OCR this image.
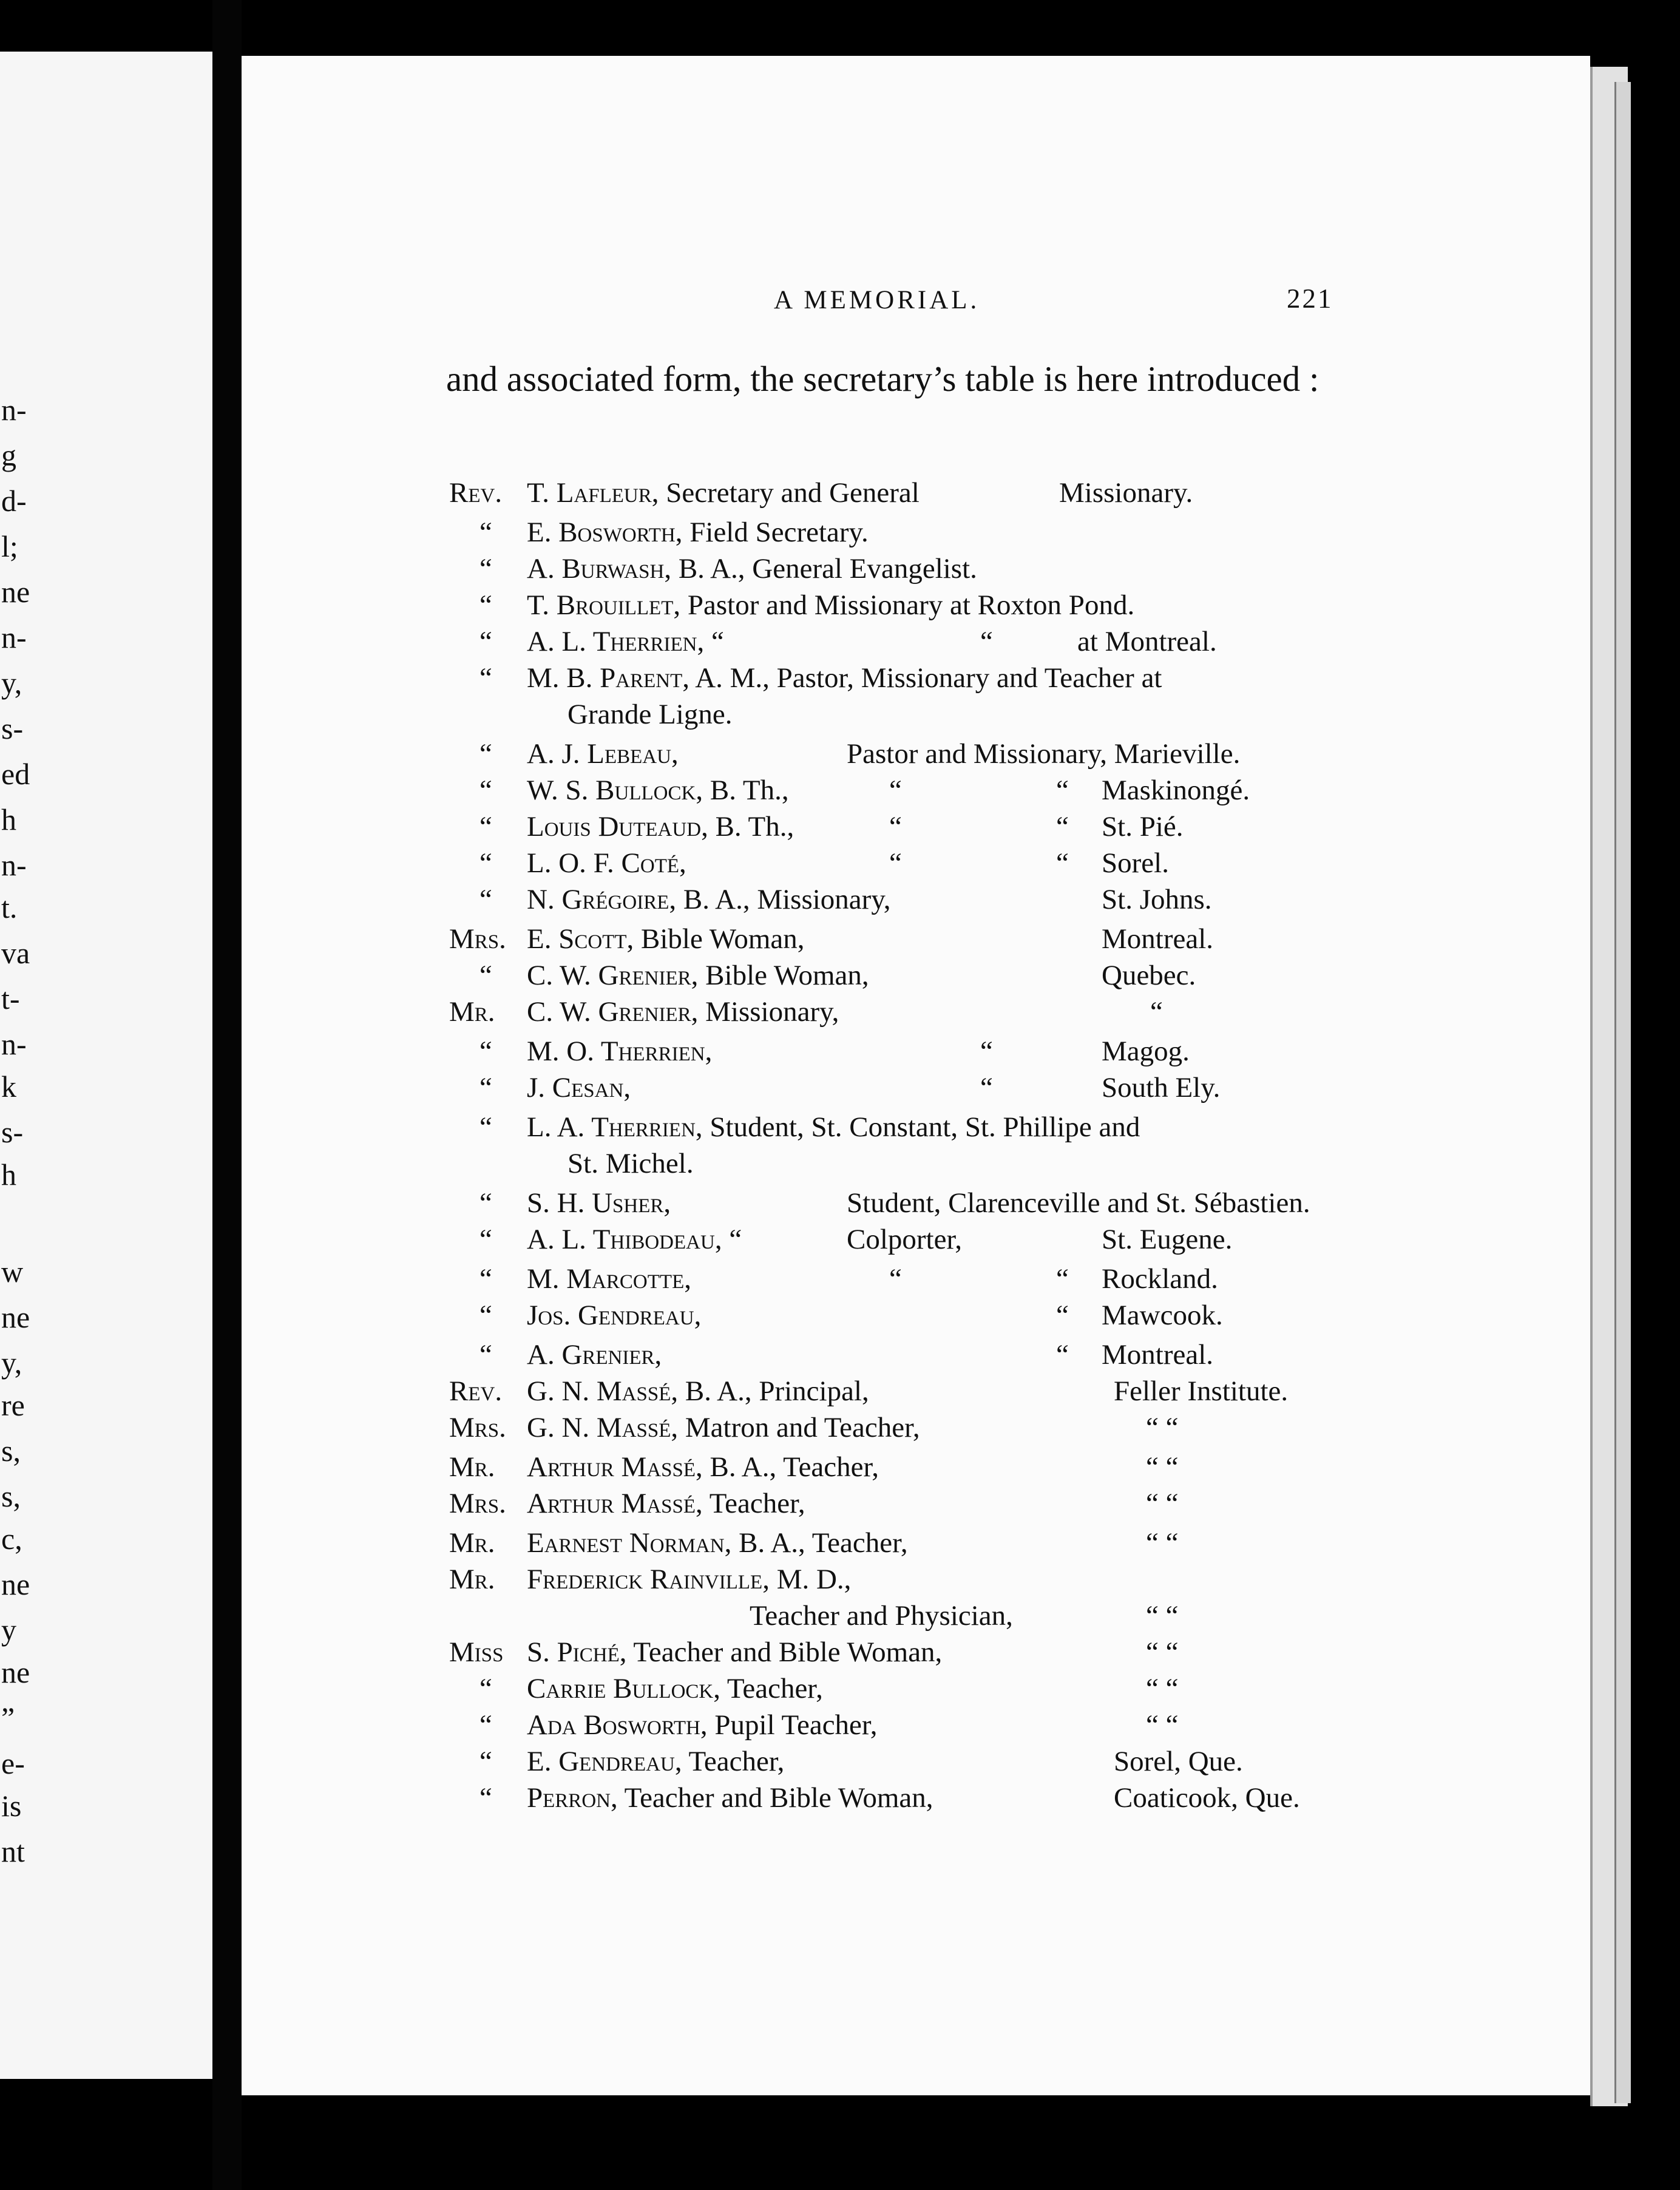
n-
g
d-
l;
ne
n-
y,
s-
ed
h
n-
t.
va
t-
n-
k
s-
h
w
ne
y,
re
s,
s,
c,
ne
y
ne
”
e-
is
nt
A MEMORIAL.	221
and associated form, the secretary’s table is here introduced :
Rev. T. Lafleur , Secretary and General	Missionary.
“ E. Bosworth , Field Secretary.
“ A. Burwash , B. A., General Evangelist.
“ T. Brouillet , Pastor and Missionary at Roxton Pond.
“ A. L. Therrien , “	“	at Montreal.
“ M. B. Parent , A. M., Pastor, Missionary and Teacher at
Grande Ligne.
“ A. J. Lebeau ,	Pastor and Missionary, Marieville.
“ W. S. Bullock , B. Th.,	“	“ Maskinongé.
“ Louis Duteaud , B. Th.,	“	“ St. Pié.
“ L. O. F. Coté ,	“	“ Sorel.
“ N. Grégoire , B. A., Missionary,	St. Johns.
Mrs. E. Scott , Bible Woman,	Montreal.
“ C. W. Grenier , Bible Woman,	Quebec.
Mr. C. W. Grenier , Missionary,	“
“ M. O. Therrien ,	“	Magog.
“ J. Cesan ,	“	South Ely.
“ L. A. Therrien , Student, St. Constant, St. Phillipe and
St. Michel.
“ S. H. Usher ,	Student, Clarenceville and St. Sébastien.
“ A. L. Thibodeau , “	Colporter,	St. Eugene.
“ M. Marcotte ,	“	“ Rockland.
“ Jos. Gendreau ,	“ Mawcook.
“ A. Grenier ,	“ Montreal.
Rev. G. N. Massé , B. A., Principal,	Feller Institute.
Mrs. G. N. Massé , Matron and Teacher,	“ “
Mr. Arthur Massé , B. A., Teacher,	“ “
Mrs. Arthur Massé , Teacher,	“ “
Mr. Earnest Norman , B. A., Teacher,	“ “
Mr. Frederick Rainville , M. D.,
Teacher and Physician,	“ “
Miss S. Piché , Teacher and Bible Woman,	“ “
“ Carrie Bullock , Teacher,	“ “
“ Ada Bosworth , Pupil Teacher,	“ “
“ E. Gendreau , Teacher,	Sorel, Que.
“ Perron , Teacher and Bible Woman,	Coaticook, Que.
